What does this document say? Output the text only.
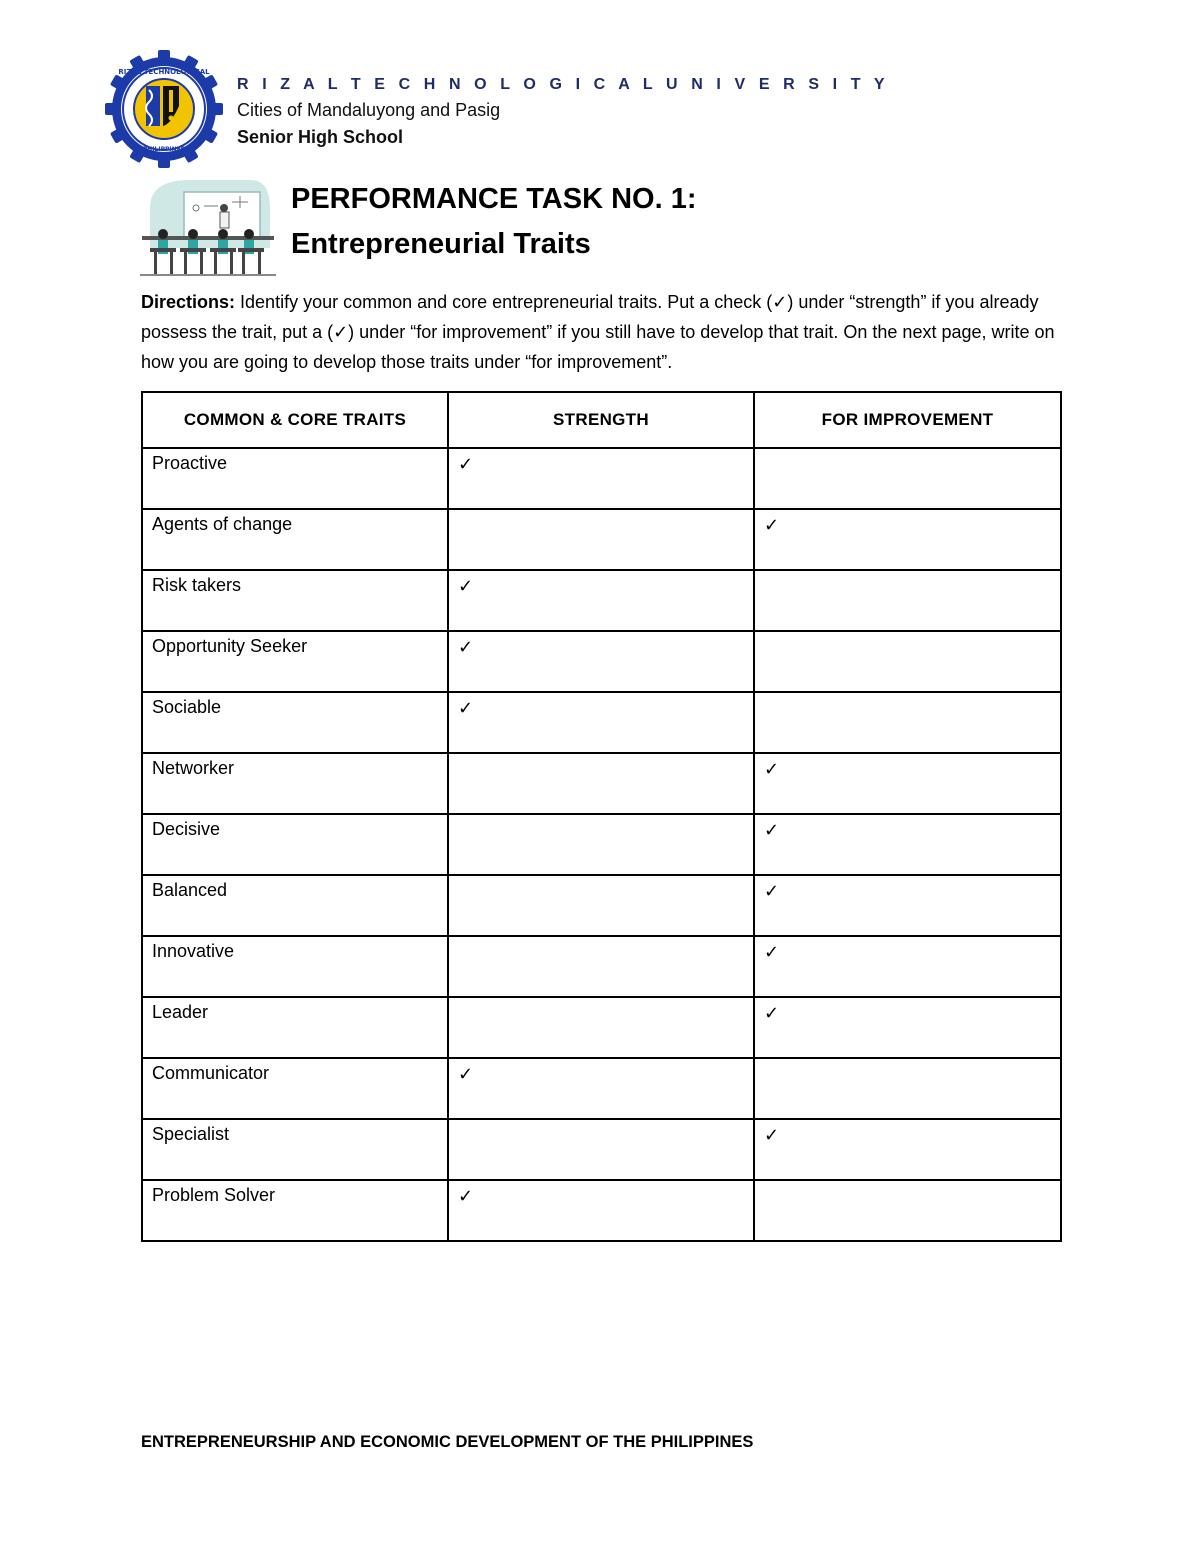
RIZAL TECHNOLOGICAL
PHILIPPINES
R I Z A L T E C H N O L O G I C A L U N I V E R S I T Y
Cities of Mandaluyong and Pasig
Senior High School
PERFORMANCE TASK NO. 1:
Entrepreneurial Traits
Directions: Identify your common and core entrepreneurial traits. Put a check (✓) under “strength” if you already possess the trait, put a (✓) under “for improvement” if you still have to develop that trait. On the next page, write on how you are going to develop those traits under “for improvement”.
COMMON & CORE TRAITS	STRENGTH	FOR IMPROVEMENT
Proactive	✓	
Agents of change		✓
Risk takers	✓	
Opportunity Seeker	✓	
Sociable	✓	
Networker		✓
Decisive		✓
Balanced		✓
Innovative		✓
Leader		✓
Communicator	✓	
Specialist		✓
Problem Solver	✓	
ENTREPRENEURSHIP AND ECONOMIC DEVELOPMENT OF THE PHILIPPINES
